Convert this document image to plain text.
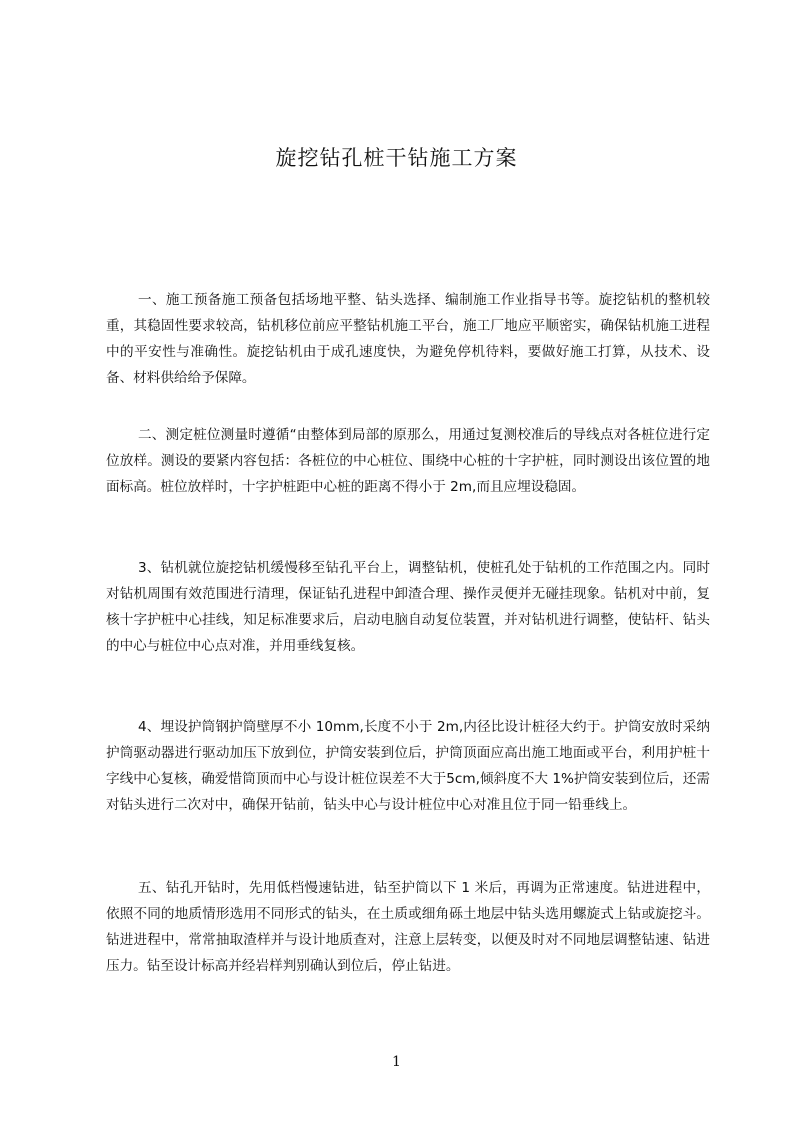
旋挖钻孔桩干钻施工方案

一、施工预备施工预备包括场地平整、钻头选择、编制施工作业指导书等。旋挖钻机的整机较重，其稳固性要求较高，钻机移位前应平整钻机施工平台，施工厂地应平顺密实，确保钻机施工进程中的平安性与准确性。旋挖钻机由于成孔速度快，为避免停机待料，要做好施工打算，从技术、设备、材料供给给予保障。

二、测定桩位测量时遵循“由整体到局部的原那么，用通过复测校准后的导线点对各桩位进行定位放样。测设的要紧内容包括：各桩位的中心桩位、围绕中心桩的十字护桩，同时测设出该位置的地面标高。桩位放样时，十字护桩距中心桩的距离不得小于 2m,而且应埋设稳固。

3、钻机就位旋挖钻机缓慢移至钻孔平台上，调整钻机，使桩孔处于钻机的工作范围之内。同时对钻机周围有效范围进行清理，保证钻孔进程中卸渣合理、操作灵便并无碰挂现象。钻机对中前，复核十字护桩中心挂线，知足标准要求后，启动电脑自动复位装置，并对钻机进行调整，使钻杆、钻头的中心与桩位中心点对准，并用垂线复核。

4、埋设护筒钢护筒壁厚不小 10mm,长度不小于 2m,内径比设计桩径大约于。护筒安放时采纳护筒驱动器进行驱动加压下放到位，护筒安装到位后，护筒顶面应高出施工地面或平台，利用护桩十字线中心复核，确爱惜筒顶而中心与设计桩位误差不大于5cm,倾斜度不大 1%护筒安装到位后，还需对钻头进行二次对中，确保开钻前，钻头中心与设计桩位中心对准且位于同一铅垂线上。

五、钻孔开钻时，先用低档慢速钻进，钻至护筒以下 1 米后，再调为正常速度。钻进进程中，依照不同的地质情形选用不同形式的钻头，在土质或细角砾土地层中钻头选用螺旋式上钻或旋挖斗。钻进进程中，常常抽取渣样并与设计地质查对，注意上层转变，以便及时对不同地层调整钻速、钻进压力。钻至设计标高并经岩样判别确认到位后，停止钻进。

1
